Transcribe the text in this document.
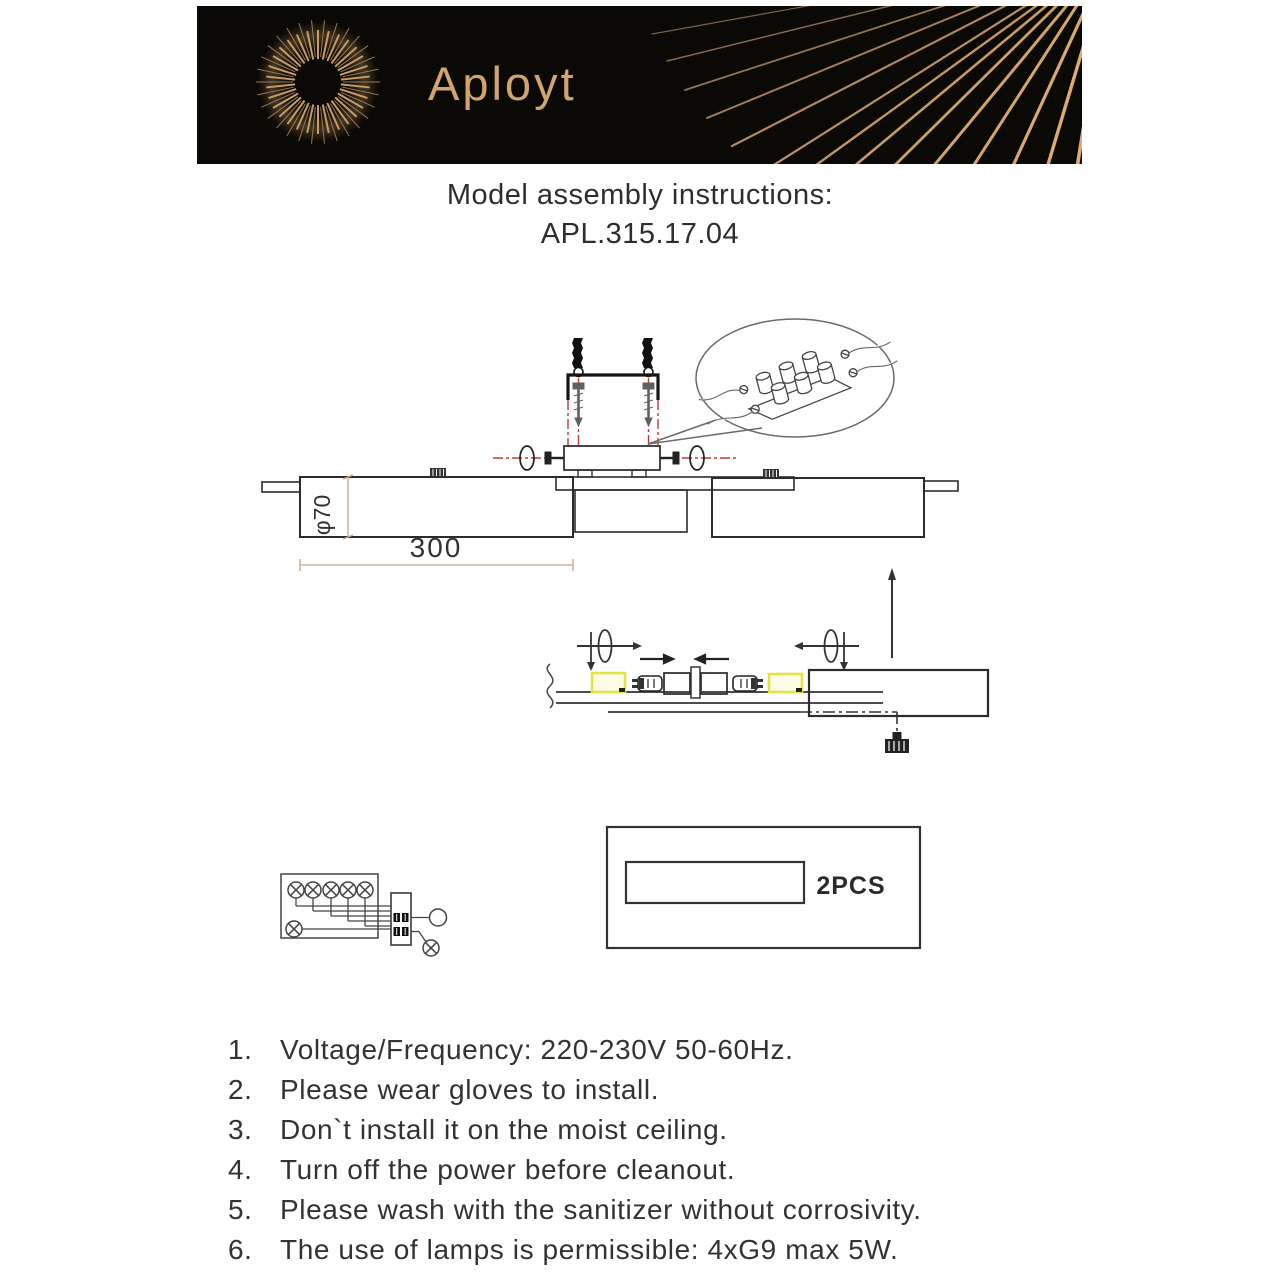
Aployt
Model assembly instructions:
APL.315.17.04
φ70
300
2PCS
1. Voltage/Frequency: 220-230V 50-60Hz.
2. Please wear gloves to install.
3. Don`t install it on the moist ceiling.
4. Turn off the power before cleanout.
5. Please wash with the sanitizer without corrosivity.
6. The use of lamps is permissible: 4xG9 max 5W.
